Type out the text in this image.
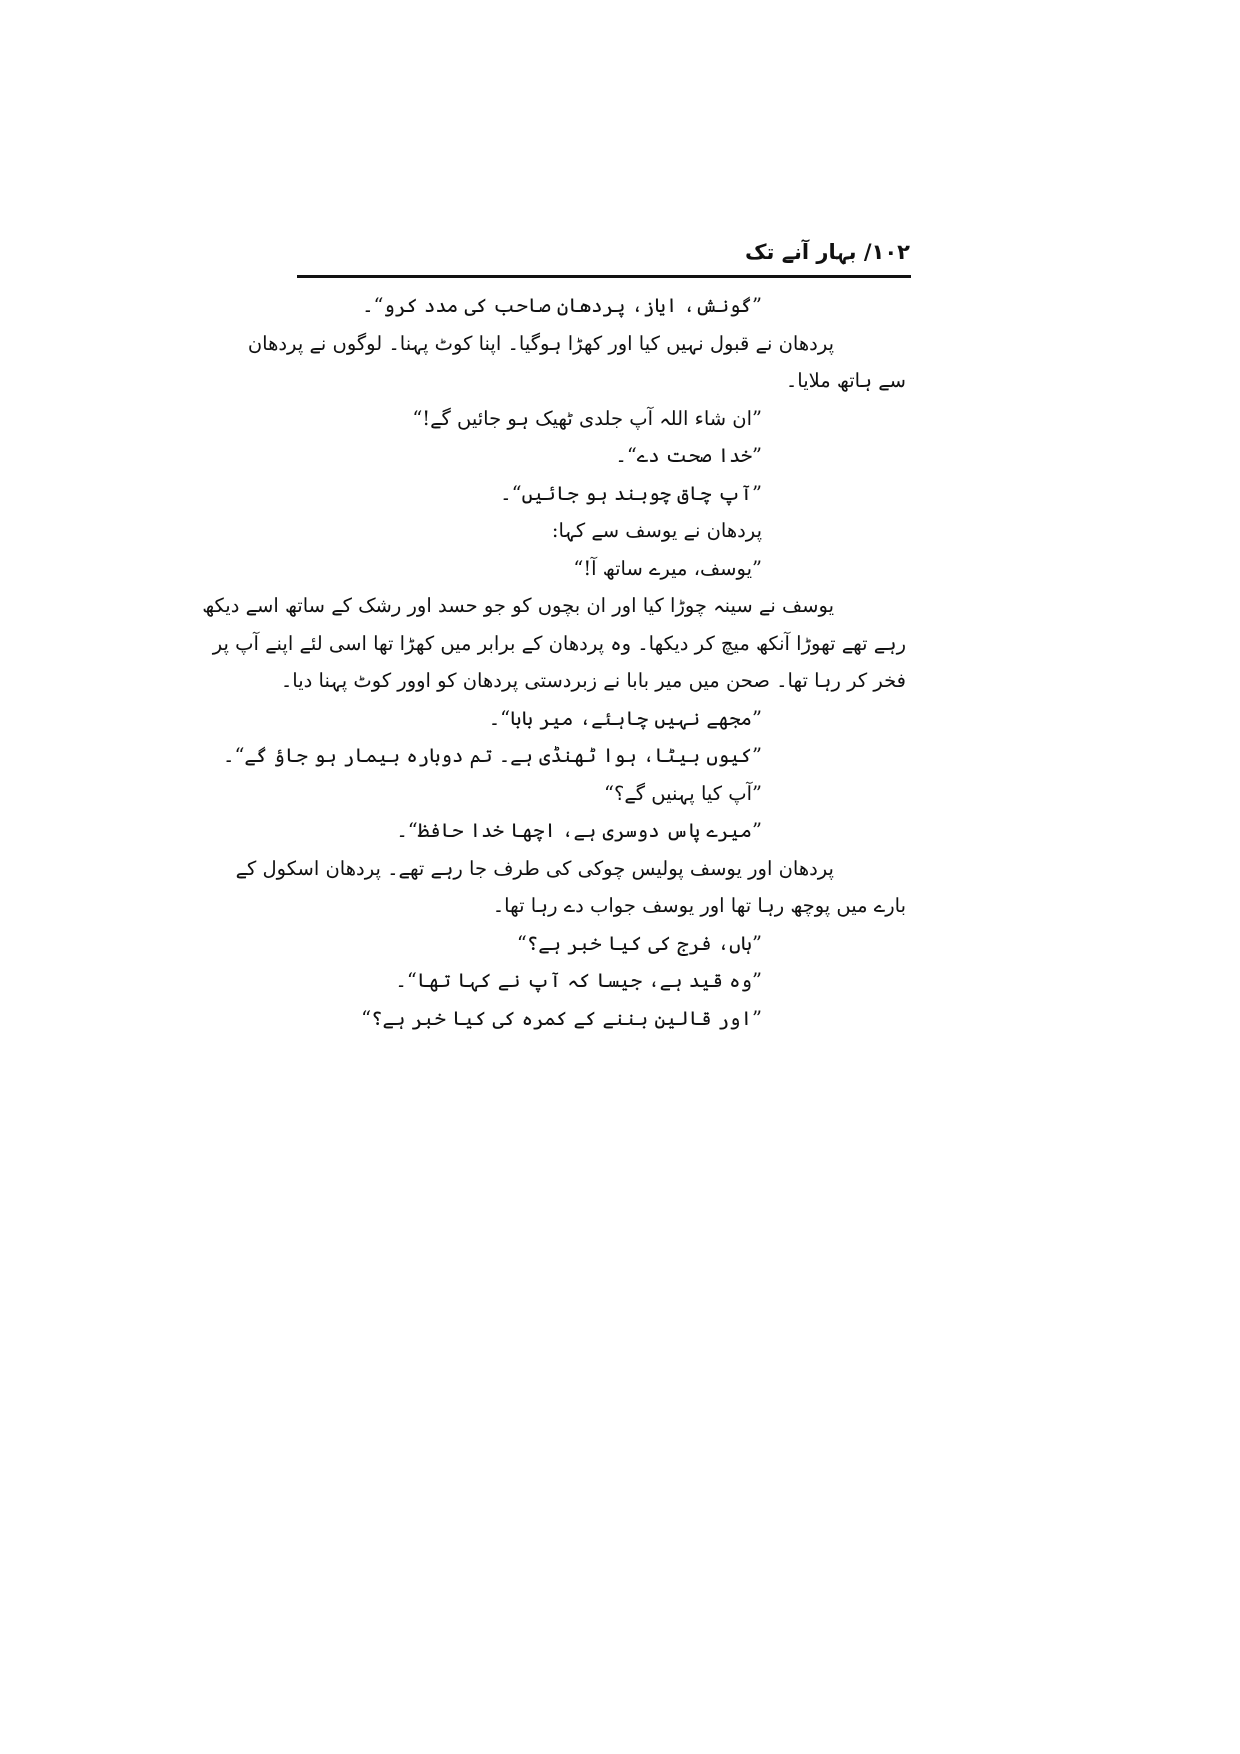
۱۰۲/ بہار آنے تک
”گونش، ایاز، پردھان صاحب کی مدد کرو“۔
پردھان نے قبول نہیں کیا اور کھڑا ہوگیا۔ اپنا کوٹ پہنا۔ لوگوں نے پردھان
سے ہاتھ ملایا۔
”ان شاء اللہ آپ جلدی ٹھیک ہو جائیں گے!“
”خدا صحت دے“۔
”آپ چاق چوبند ہو جائیں“۔
پردھان نے یوسف سے کہا:
”یوسف، میرے ساتھ آ!“
یوسف نے سینہ چوڑا کیا اور ان بچوں کو جو حسد اور رشک کے ساتھ اسے دیکھ
رہے تھے تھوڑا آنکھ میچ کر دیکھا۔ وہ پردھان کے برابر میں کھڑا تھا اسی لئے اپنے آپ پر
فخر کر رہا تھا۔ صحن میں میر بابا نے زبردستی پردھان کو اوور کوٹ پہنا دیا۔
”مجھے نہیں چاہئے، میر بابا“۔
”کیوں بیٹا، ہوا ٹھنڈی ہے۔ تم دوبارہ بیمار ہو جاؤ گے“۔
”آپ کیا پہنیں گے؟“
”میرے پاس دوسری ہے، اچھا خدا حافظ“۔
پردھان اور یوسف پولیس چوکی کی طرف جا رہے تھے۔ پردھان اسکول کے
بارے میں پوچھ رہا تھا اور یوسف جواب دے رہا تھا۔
”ہاں، فرج کی کیا خبر ہے؟“
”وہ قید ہے، جیسا کہ آپ نے کہا تھا“۔
”اور قالین بننے کے کمرہ کی کیا خبر ہے؟“
